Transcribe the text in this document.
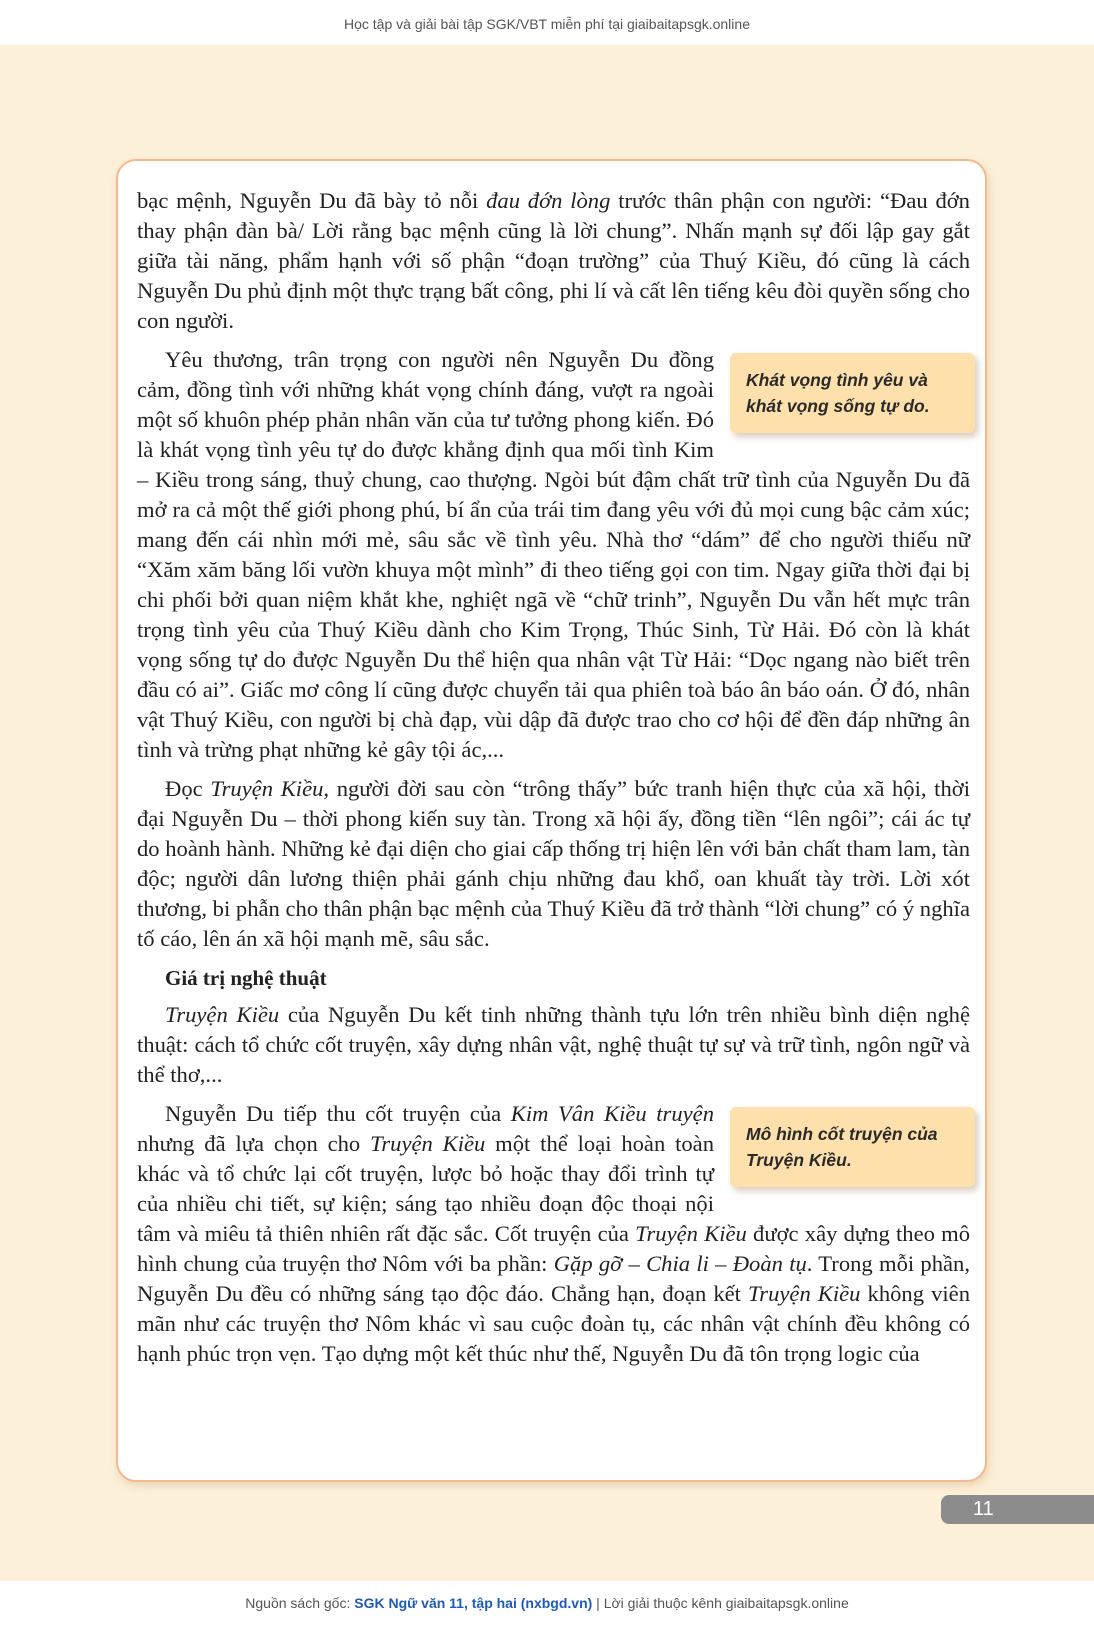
Học tập và giải bài tập SGK/VBT miễn phí tại giaibaitapsgk.online

bạc mệnh, Nguyễn Du đã bày tỏ nỗi đau đớn lòng trước thân phận con người: “Đau đớn thay phận đàn bà/ Lời rằng bạc mệnh cũng là lời chung”. Nhấn mạnh sự đối lập gay gắt giữa tài năng, phẩm hạnh với số phận “đoạn trường” của Thuý Kiều, đó cũng là cách Nguyễn Du phủ định một thực trạng bất công, phi lí và cất lên tiếng kêu đòi quyền sống cho con người.

Khát vọng tình yêu và khát vọng sống tự do.
Yêu thương, trân trọng con người nên Nguyễn Du đồng cảm, đồng tình với những khát vọng chính đáng, vượt ra ngoài một số khuôn phép phản nhân văn của tư tưởng phong kiến. Đó là khát vọng tình yêu tự do được khẳng định qua mối tình Kim – Kiều trong sáng, thuỷ chung, cao thượng. Ngòi bút đậm chất trữ tình của Nguyễn Du đã mở ra cả một thế giới phong phú, bí ẩn của trái tim đang yêu với đủ mọi cung bậc cảm xúc; mang đến cái nhìn mới mẻ, sâu sắc về tình yêu. Nhà thơ “dám” để cho người thiếu nữ “Xăm xăm băng lối vườn khuya một mình” đi theo tiếng gọi con tim. Ngay giữa thời đại bị chi phối bởi quan niệm khắt khe, nghiệt ngã về “chữ trinh”, Nguyễn Du vẫn hết mực trân trọng tình yêu của Thuý Kiều dành cho Kim Trọng, Thúc Sinh, Từ Hải. Đó còn là khát vọng sống tự do được Nguyễn Du thể hiện qua nhân vật Từ Hải: “Dọc ngang nào biết trên đầu có ai”. Giấc mơ công lí cũng được chuyển tải qua phiên toà báo ân báo oán. Ở đó, nhân vật Thuý Kiều, con người bị chà đạp, vùi dập đã được trao cho cơ hội để đền đáp những ân tình và trừng phạt những kẻ gây tội ác,...

Đọc Truyện Kiều, người đời sau còn “trông thấy” bức tranh hiện thực của xã hội, thời đại Nguyễn Du – thời phong kiến suy tàn. Trong xã hội ấy, đồng tiền “lên ngôi”; cái ác tự do hoành hành. Những kẻ đại diện cho giai cấp thống trị hiện lên với bản chất tham lam, tàn độc; người dân lương thiện phải gánh chịu những đau khổ, oan khuất tày trời. Lời xót thương, bi phẫn cho thân phận bạc mệnh của Thuý Kiều đã trở thành “lời chung” có ý nghĩa tố cáo, lên án xã hội mạnh mẽ, sâu sắc.

Giá trị nghệ thuật

Truyện Kiều của Nguyễn Du kết tinh những thành tựu lớn trên nhiều bình diện nghệ thuật: cách tổ chức cốt truyện, xây dựng nhân vật, nghệ thuật tự sự và trữ tình, ngôn ngữ và thể thơ,...

Mô hình cốt truyện của Truyện Kiều.
Nguyễn Du tiếp thu cốt truyện của Kim Vân Kiều truyện nhưng đã lựa chọn cho Truyện Kiều một thể loại hoàn toàn khác và tổ chức lại cốt truyện, lược bỏ hoặc thay đổi trình tự của nhiều chi tiết, sự kiện; sáng tạo nhiều đoạn độc thoại nội tâm và miêu tả thiên nhiên rất đặc sắc. Cốt truyện của Truyện Kiều được xây dựng theo mô hình chung của truyện thơ Nôm với ba phần: Gặp gỡ – Chia li – Đoàn tụ. Trong mỗi phần, Nguyễn Du đều có những sáng tạo độc đáo. Chẳng hạn, đoạn kết Truyện Kiều không viên mãn như các truyện thơ Nôm khác vì sau cuộc đoàn tụ, các nhân vật chính đều không có hạnh phúc trọn vẹn. Tạo dựng một kết thúc như thế, Nguyễn Du đã tôn trọng logic của

11
Nguồn sách gốc: SGK Ngữ văn 11, tập hai (nxbgd.vn) | Lời giải thuộc kênh giaibaitapsgk.online
